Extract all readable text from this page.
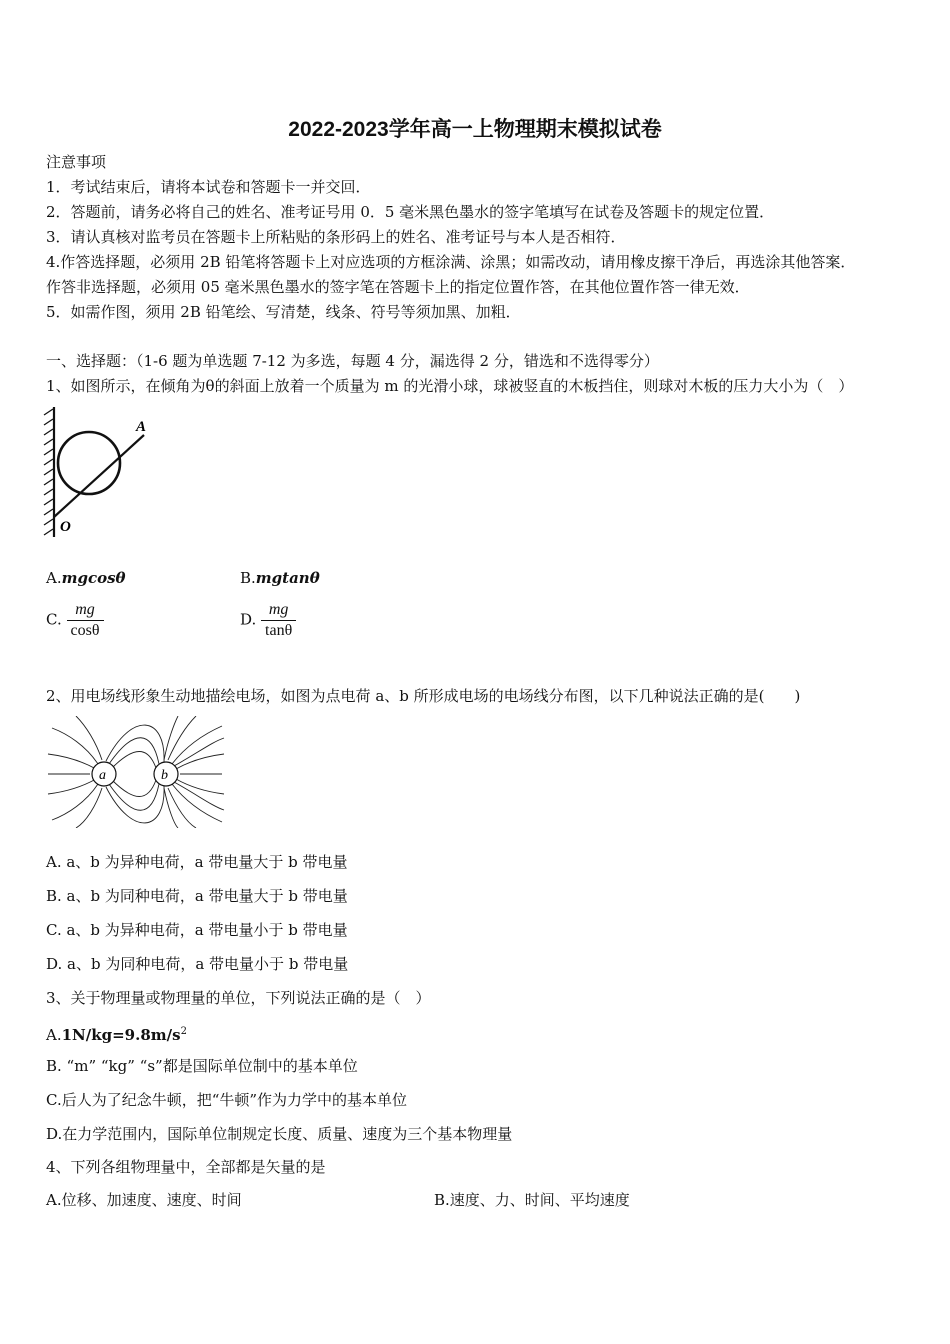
2022-2023学年高一上物理期末模拟试卷
注意事项
1．考试结束后，请将本试卷和答题卡一并交回．
2．答题前，请务必将自己的姓名、准考证号用 0．5 毫米黑色墨水的签字笔填写在试卷及答题卡的规定位置．
3．请认真核对监考员在答题卡上所粘贴的条形码上的姓名、准考证号与本人是否相符．
4.作答选择题，必须用 2B 铅笔将答题卡上对应选项的方框涂满、涂黑；如需改动，请用橡皮擦干净后，再选涂其他答案．
作答非选择题，必须用 05 毫米黑色墨水的签字笔在答题卡上的指定位置作答，在其他位置作答一律无效．
5．如需作图，须用 2B 铅笔绘、写清楚，线条、符号等须加黑、加粗．
一、选择题：（1-6 题为单选题 7-12 为多选，每题 4 分，漏选得 2 分，错选和不选得零分）
1、如图所示，在倾角为θ的斜面上放着一个质量为 m 的光滑小球，球被竖直的木板挡住，则球对木板的压力大小为（　）
A
O
A.mgcosθ	B.mgtanθ
C. $\frac{mg}{\cos\theta}$	D. $\frac{mg}{\tan\theta}$
2、用电场线形象生动地描绘电场，如图为点电荷 a、b 所形成电场的电场线分布图，以下几种说法正确的是(　　)
a	b
A. a、b 为异种电荷，a 带电量大于 b 带电量
B. a、b 为同种电荷，a 带电量大于 b 带电量
C. a、b 为异种电荷，a 带电量小于 b 带电量
D. a、b 为同种电荷，a 带电量小于 b 带电量
3、关于物理量或物理量的单位，下列说法正确的是（　）
$A.1N/kg=9.8m/s^2$
B. “m” “kg” “s”都是国际单位制中的基本单位
C.后人为了纪念牛顿，把“牛顿”作为力学中的基本单位
D.在力学范围内，国际单位制规定长度、质量、速度为三个基本物理量
4、下列各组物理量中，全部都是矢量的是
A.位移、加速度、速度、时间	B.速度、力、时间、平均速度
